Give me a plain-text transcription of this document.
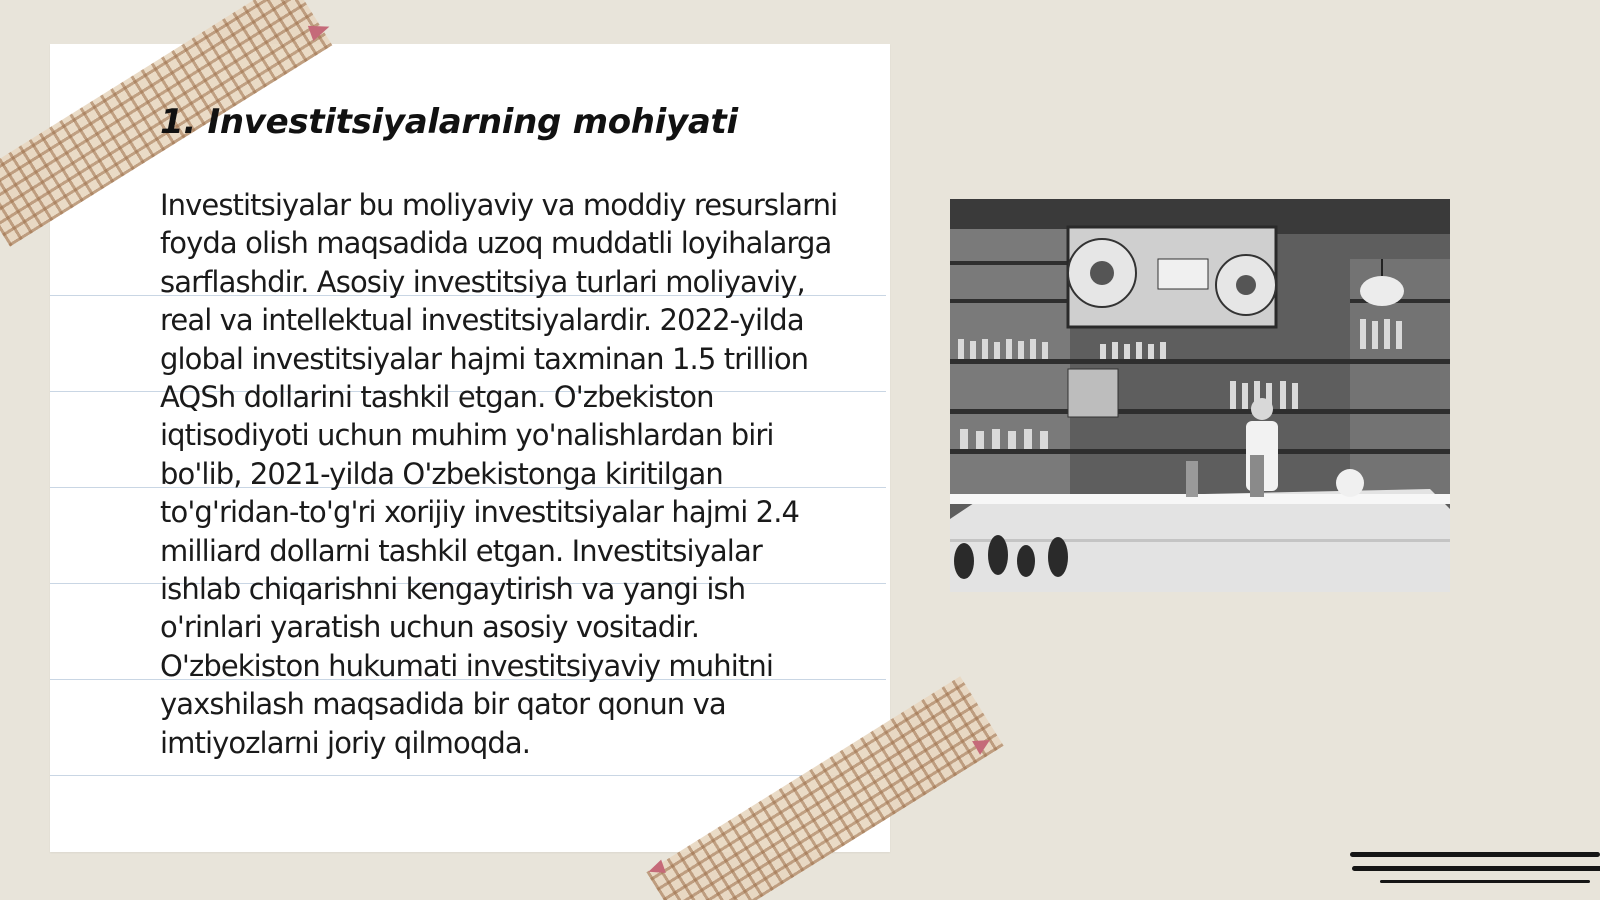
1. Investitsiyalarning mohiyati

Investitsiyalar bu moliyaviy va moddiy resurslarni foyda olish maqsadida uzoq muddatli loyihalarga sarflashdir. Asosiy investitsiya turlari moliyaviy, real va intellektual investitsiyalardir. 2022-yilda global investitsiyalar hajmi taxminan 1.5 trillion AQSh dollarini tashkil etgan. O'zbekiston iqtisodiyoti uchun muhim yo'nalishlardan biri bo'lib, 2021-yilda O'zbekistonga kiritilgan to'g'ridan-to'g'ri xorijiy investitsiyalar hajmi 2.4 milliard dollarni tashkil etgan. Investitsiyalar ishlab chiqarishni kengaytirish va yangi ish o'rinlari yaratish uchun asosiy vositadir. O'zbekiston hukumati investitsiyaviy muhitni yaxshilash maqsadida bir qator qonun va imtiyozlarni joriy qilmoqda.
